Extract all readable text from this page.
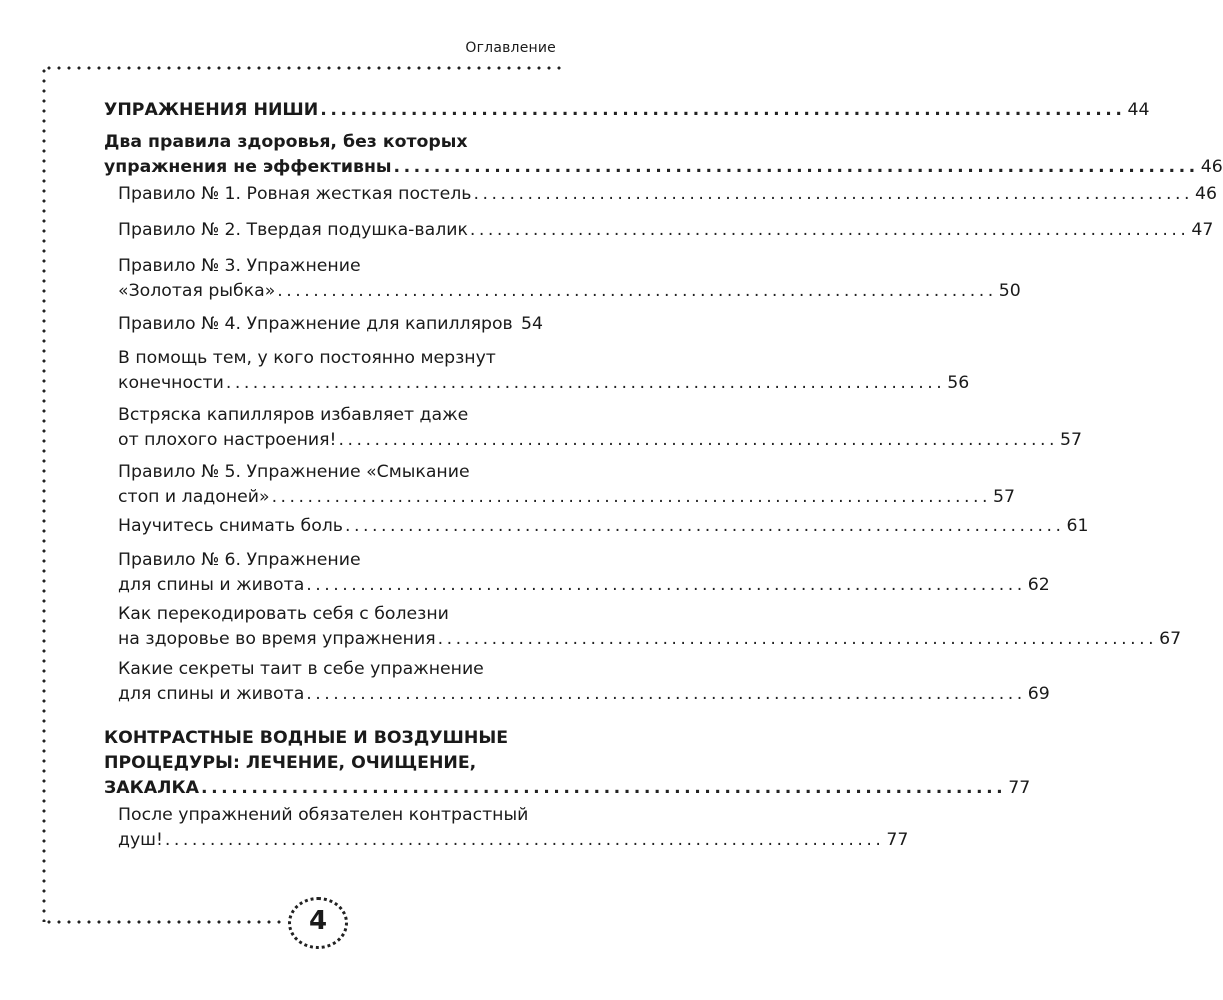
Оглавление
4
УПРАЖНЕНИЯ НИШИ ................................................................................ 44
Два правила здоровья, без которых
упражнения не эффективны ................................................................................ 46
Правило № 1. Ровная жесткая постель ................................................................................ 46
Правило № 2. Твердая подушка-валик ................................................................................ 47
Правило № 3. Упражнение
«Золотая рыбка» ................................................................................ 50
Правило № 4. Упражнение для капилляров 54
В помощь тем, у кого постоянно мерзнут
конечности ................................................................................ 56
Встряска капилляров избавляет даже
от плохого настроения! ................................................................................ 57
Правило № 5. Упражнение «Смыкание
стоп и ладоней» ................................................................................ 57
Научитесь снимать боль ................................................................................ 61
Правило № 6. Упражнение
для спины и живота ................................................................................ 62
Как перекодировать себя с болезни
на здоровье во время упражнения ................................................................................ 67
Какие секреты таит в себе упражнение
для спины и живота ................................................................................ 69
КОНТРАСТНЫЕ ВОДНЫЕ И ВОЗДУШНЫЕ
ПРОЦЕДУРЫ: ЛЕЧЕНИЕ, ОЧИЩЕНИЕ,
ЗАКАЛКА ................................................................................ 77
После упражнений обязателен контрастный
душ! ................................................................................ 77
